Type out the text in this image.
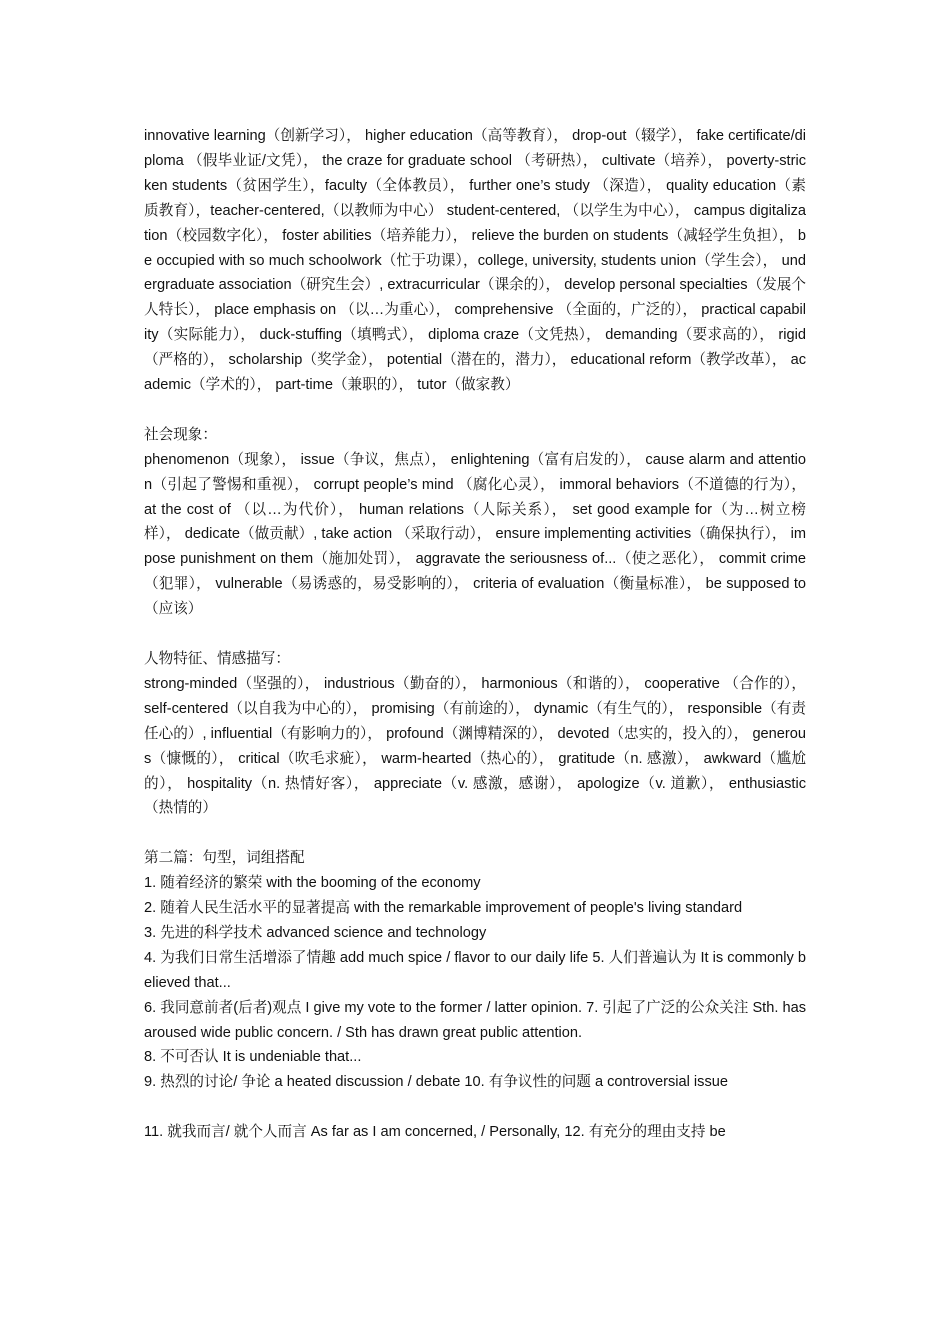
innovative learning（创新学习）， higher education（高等教育）， drop-out（辍学）， fake certificate/diploma （假毕业证/文凭）， the craze for graduate school （考研热）， cultivate（培养）， poverty-stricken students（贫困学生），faculty（全体教员）， further one’s study （深造）， quality education（素质教育），teacher-centered,（以教师为中心） student-centered, （以学生为中心）， campus digitalization（校园数字化）， foster abilities（培养能力）， relieve the burden on students（减轻学生负担）， be occupied with so much schoolwork（忙于功课），college, university, students union（学生会）， undergraduate association（研究生会）, extracurricular（课余的）， develop personal specialties（发展个人特长）， place emphasis on （以…为重心）， comprehensive （全面的，广泛的）， practical capability（实际能力）， duck-stuffing（填鸭式）， diploma craze（文凭热）， demanding（要求高的）， rigid（严格的）， scholarship（奖学金）， potential（潜在的，潜力）， educational reform（教学改革）， academic（学术的）， part-time（兼职的）， tutor（做家教）

社会现象：

phenomenon（现象）， issue（争议，焦点）， enlightening（富有启发的）， cause alarm and attention（引起了警惕和重视）， corrupt people’s mind （腐化心灵）， immoral behaviors（不道德的行为）， at the cost of （以…为代价）， human relations（人际关系）， set good example for（为…树立榜样）， dedicate（做贡献）, take action （采取行动）， ensure implementing activities（确保执行）， impose punishment on them（施加处罚）， aggravate the seriousness of...（使之恶化）， commit crime（犯罪）， vulnerable（易诱惑的，易受影响的）， criteria of evaluation（衡量标准）， be supposed to（应该）

人物特征、情感描写：

strong-minded（坚强的）， industrious（勤奋的）， harmonious（和谐的）， cooperative （合作的）， self-centered（以自我为中心的）， promising（有前途的）， dynamic（有生气的）， responsible（有责任心的）, influential（有影响力的）， profound（渊博精深的）， devoted（忠实的，投入的）， generous（慷慨的）， critical（吹毛求疵）， warm-hearted（热心的）， gratitude（n. 感激）， awkward（尴尬的）， hospitality（n. 热情好客）， appreciate（v. 感激，感谢）， apologize（v. 道歉）， enthusiastic（热情的）

第二篇：句型，词组搭配

1. 随着经济的繁荣 with the booming of the economy

2. 随着人民生活水平的显著提高 with the remarkable improvement of people's living standard

3. 先进的科学技术 advanced science and technology

4. 为我们日常生活增添了情趣 add much spice / flavor to our daily life 5. 人们普遍认为 It is commonly believed that...

6. 我同意前者(后者)观点 I give my vote to the former / latter opinion. 7. 引起了广泛的公众关注 Sth. has aroused wide public concern. / Sth has drawn great public attention.

8. 不可否认 It is undeniable that...

9. 热烈的讨论/ 争论 a heated discussion / debate 10. 有争议性的问题 a controversial issue

11. 就我而言/ 就个人而言 As far as I am concerned, / Personally, 12. 有充分的理由支持 be
